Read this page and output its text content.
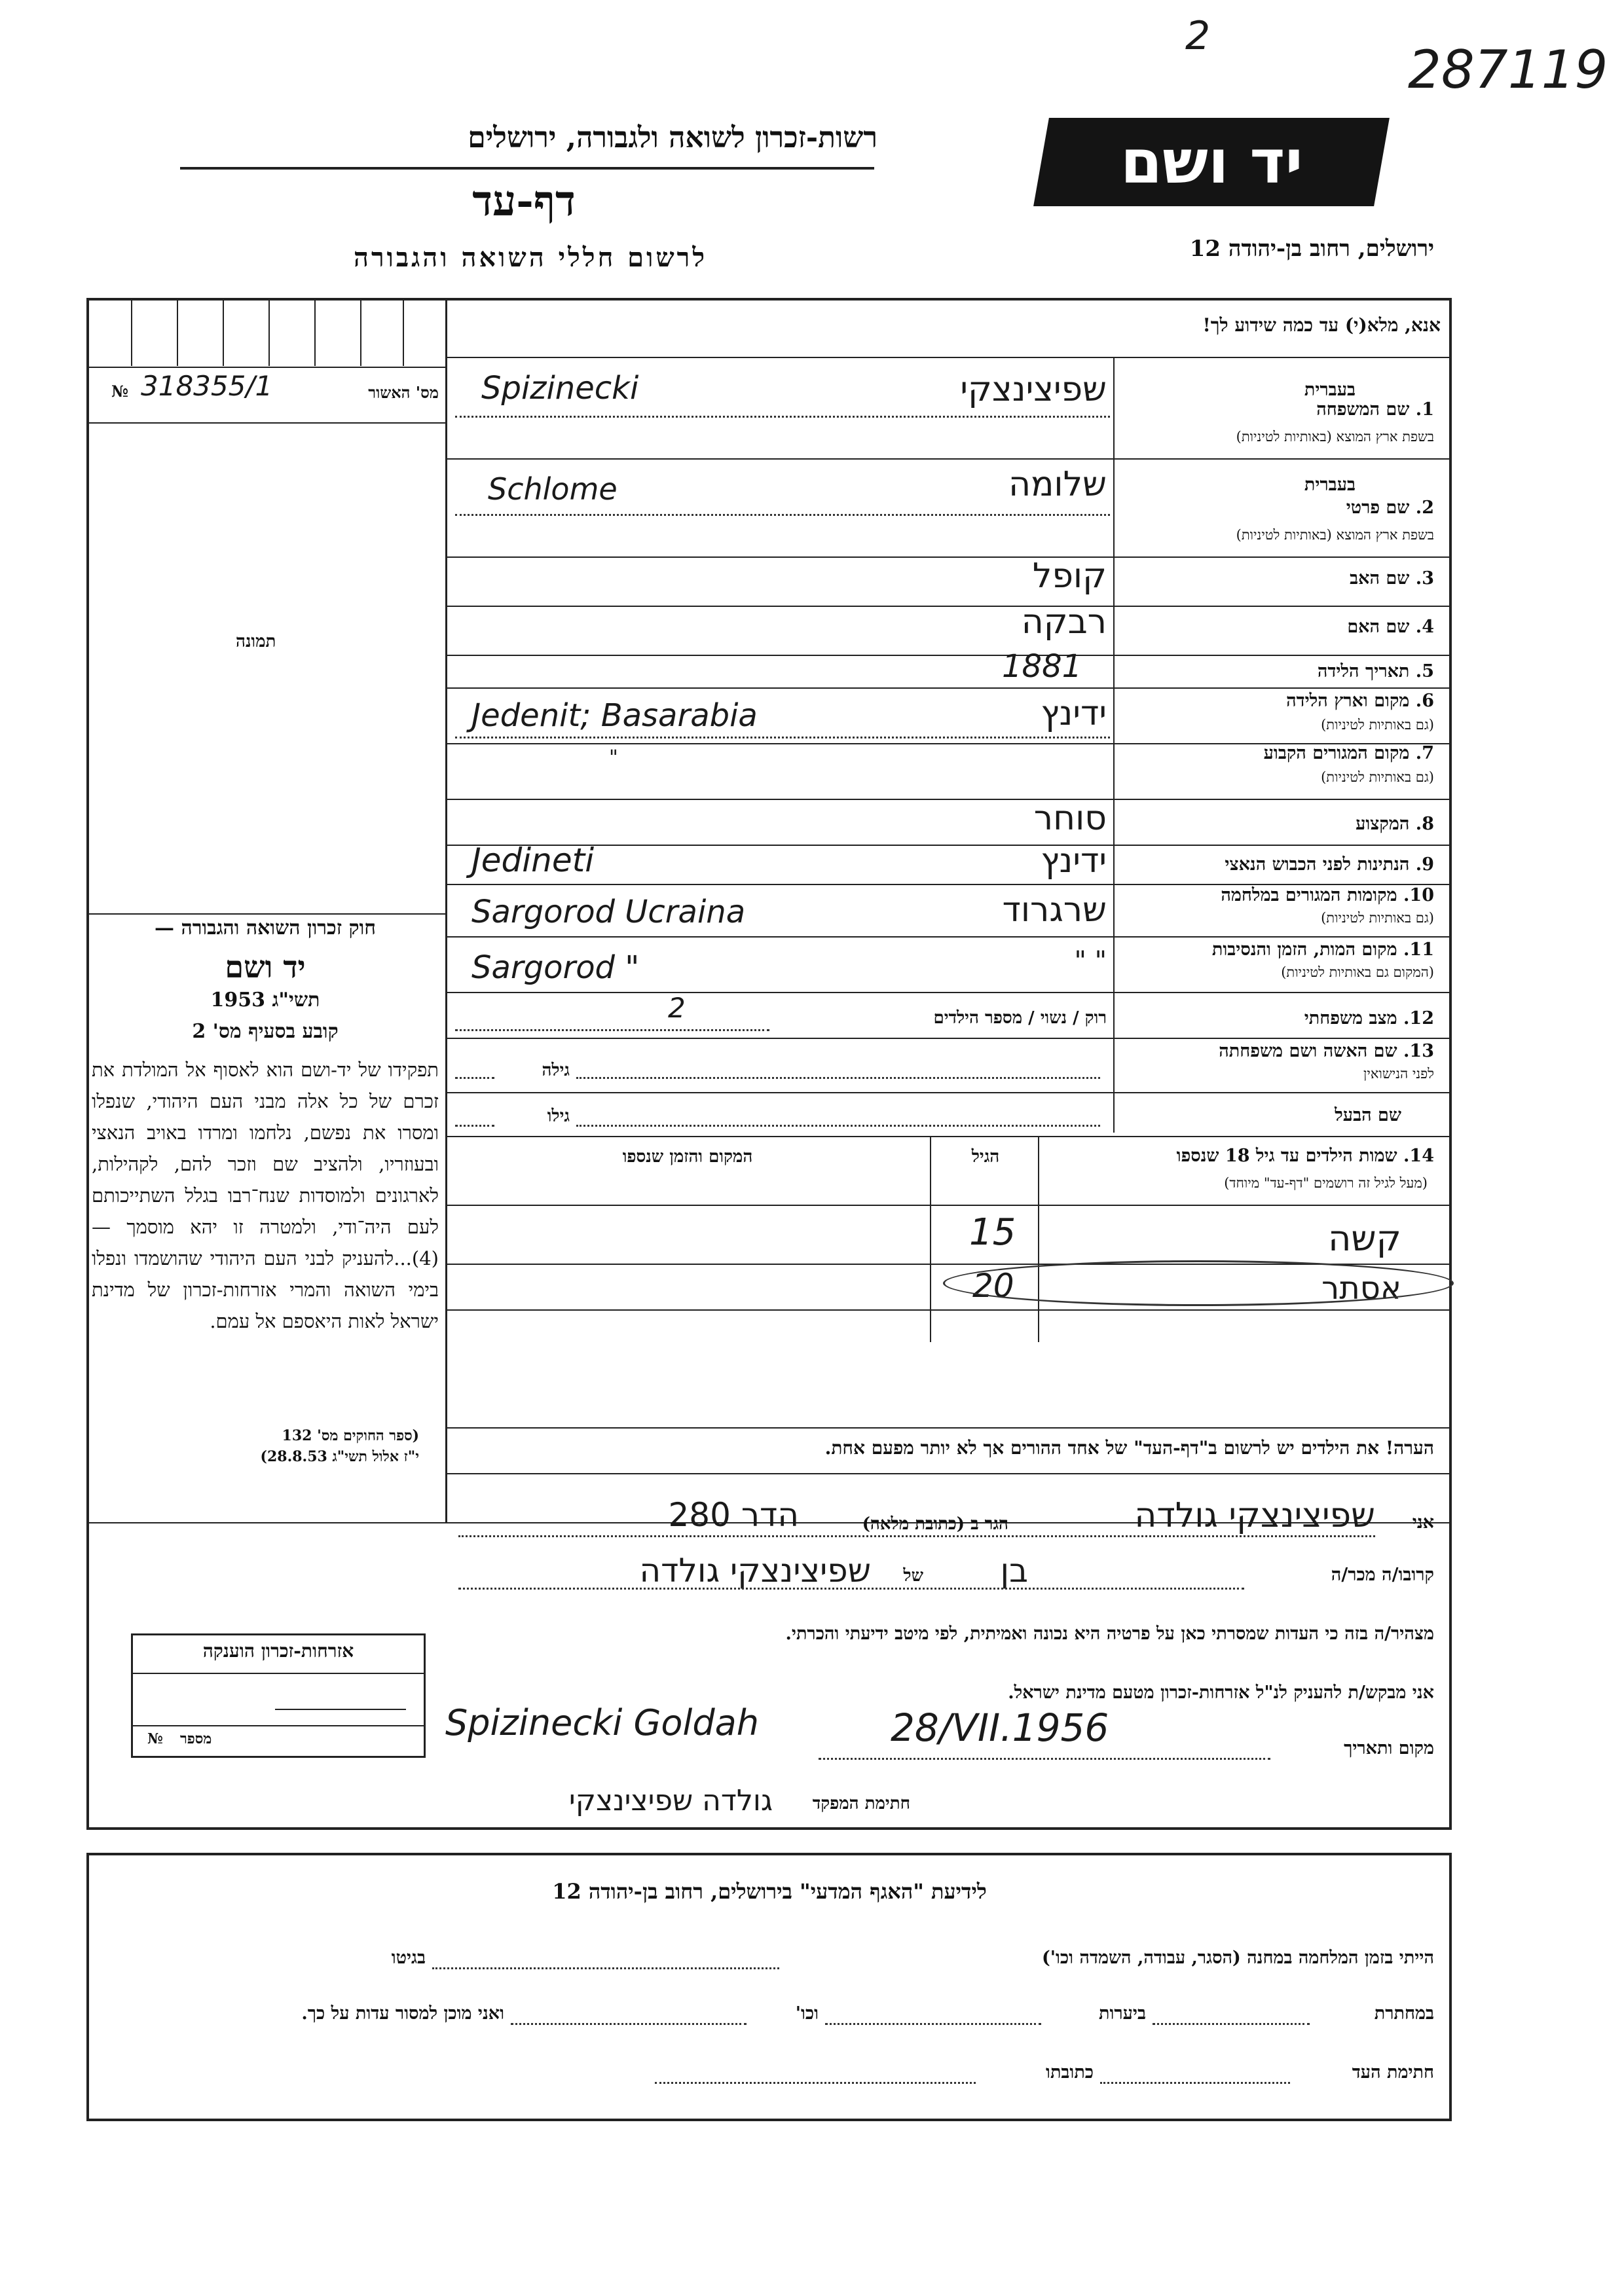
2
287119
רשות-זכרון לשואה ולגבורה, ירושלים
דף-עד
לרשום חללי השואה והגבורה
יד ושם
ירושלים, רחוב בן-יהודה 12
№ 318355/1	מס' האשור
תמונה
חוק זכרון השואה והגבורה —
יד ושם
תשי"ג 1953
קובע בסעיף מס' 2
תפקידו של יד-ושם הוא לאסוף אל המולדת את זכרם של כל אלה מבני העם היהודי, שנפלו ומסרו את נפשם, נלחמו ומרדו באויב הנאצי ובעוזריו, ולהציב שם וזכר להם, לקהילות, לארגונים ולמוסדות שנח־רבו בגלל השתייכותם לעם היה־ודי, ולמטרה זו יהא מוסמך — (4)...להעניק לבני העם היהודי שהושמדו ונפלו בימי השואה והמרי אזרחות-זכרון של מדינת ישראל לאות היאספם אל עמם.
(ספר החוקים מס' 132
י"ז אלול תשי"ג 28.8.53)
אזרחות-זכרון הוענקה
№ מספר
אנא, מלא(י) עד כמה שידוע לך!
1. שם המשפחה
בשפת ארץ המוצא (באותיות לטיניות)
בעברית
שפיצינצקי
Spizinecki
2. שם פרטי
בשפת ארץ המוצא (באותיות לטיניות)
בעברית
שלומה
Schlome
3. שם האב
קופל
4. שם האם
רבקה
5. תאריך הלידה
1881
6. מקום וארץ הלידה
(גם באותיות לטיניות)
ידינץ
Jedenit; Basarabia
7. מקום המגורים הקבוע
(גם באותיות לטיניות)
"
8. המקצוע
סוחר
9. הנתינות לפני הכבוש הנאצי
ידינץ
Jedineti
10. מקומות המגורים במלחמה
(גם באותיות לטיניות)
שרגרוד
Sargorod Ucraina
11. מקום המות, הזמן והנסיבות
(המקום גם באותיות לטיניות)
" "
Sargorod "
12. מצב משפחתי
רוק / נשוי / מספר הילדים
2
13. שם האשה ושם משפחתה
לפני הנישואין
גילה
שם הבעל
גילו
14. שמות הילדים עד גיל 18 שנספו
(מעל לגיל זה רושמים "דף-עד" מיוחד)
הגיל
המקום והזמן שנספו
קשה
15
אסתר
20
הערה! את הילדים יש לרשום ב"דף-העד" של אחד ההורים אך לא יותר מפעם אחת.
אני
שפיצינצקי גולדה
הגר ב (כתובת מלאה)
הדר 280
קרובו/ה מכר/ה
בן
של
שפיצינצקי גולדה
מצהיר/ה בזה כי העדות שמסרתי כאן על פרטיה היא נכונה ואמיתית, לפי מיטב ידיעתי והכרתי.
אני מבקש/ת להעניק לנ"ל אזרחות-זכרון מטעם מדינת ישראל.
מקום ותאריך
28/VII.1956
Spizinecki Goldah
חתימת המפקד
גולדה שפיצינצקי
לידיעת "האגף המדעי" בירושלים, רחוב בן-יהודה 12
הייתי בזמן המלחמה במחנה (הסגר, עבודה, השמדה וכו')
בגיטו
במחתרת
ביערות
וכו'
ואני מוכן למסור עדות על כך.
חתימת העד
כתובתו
